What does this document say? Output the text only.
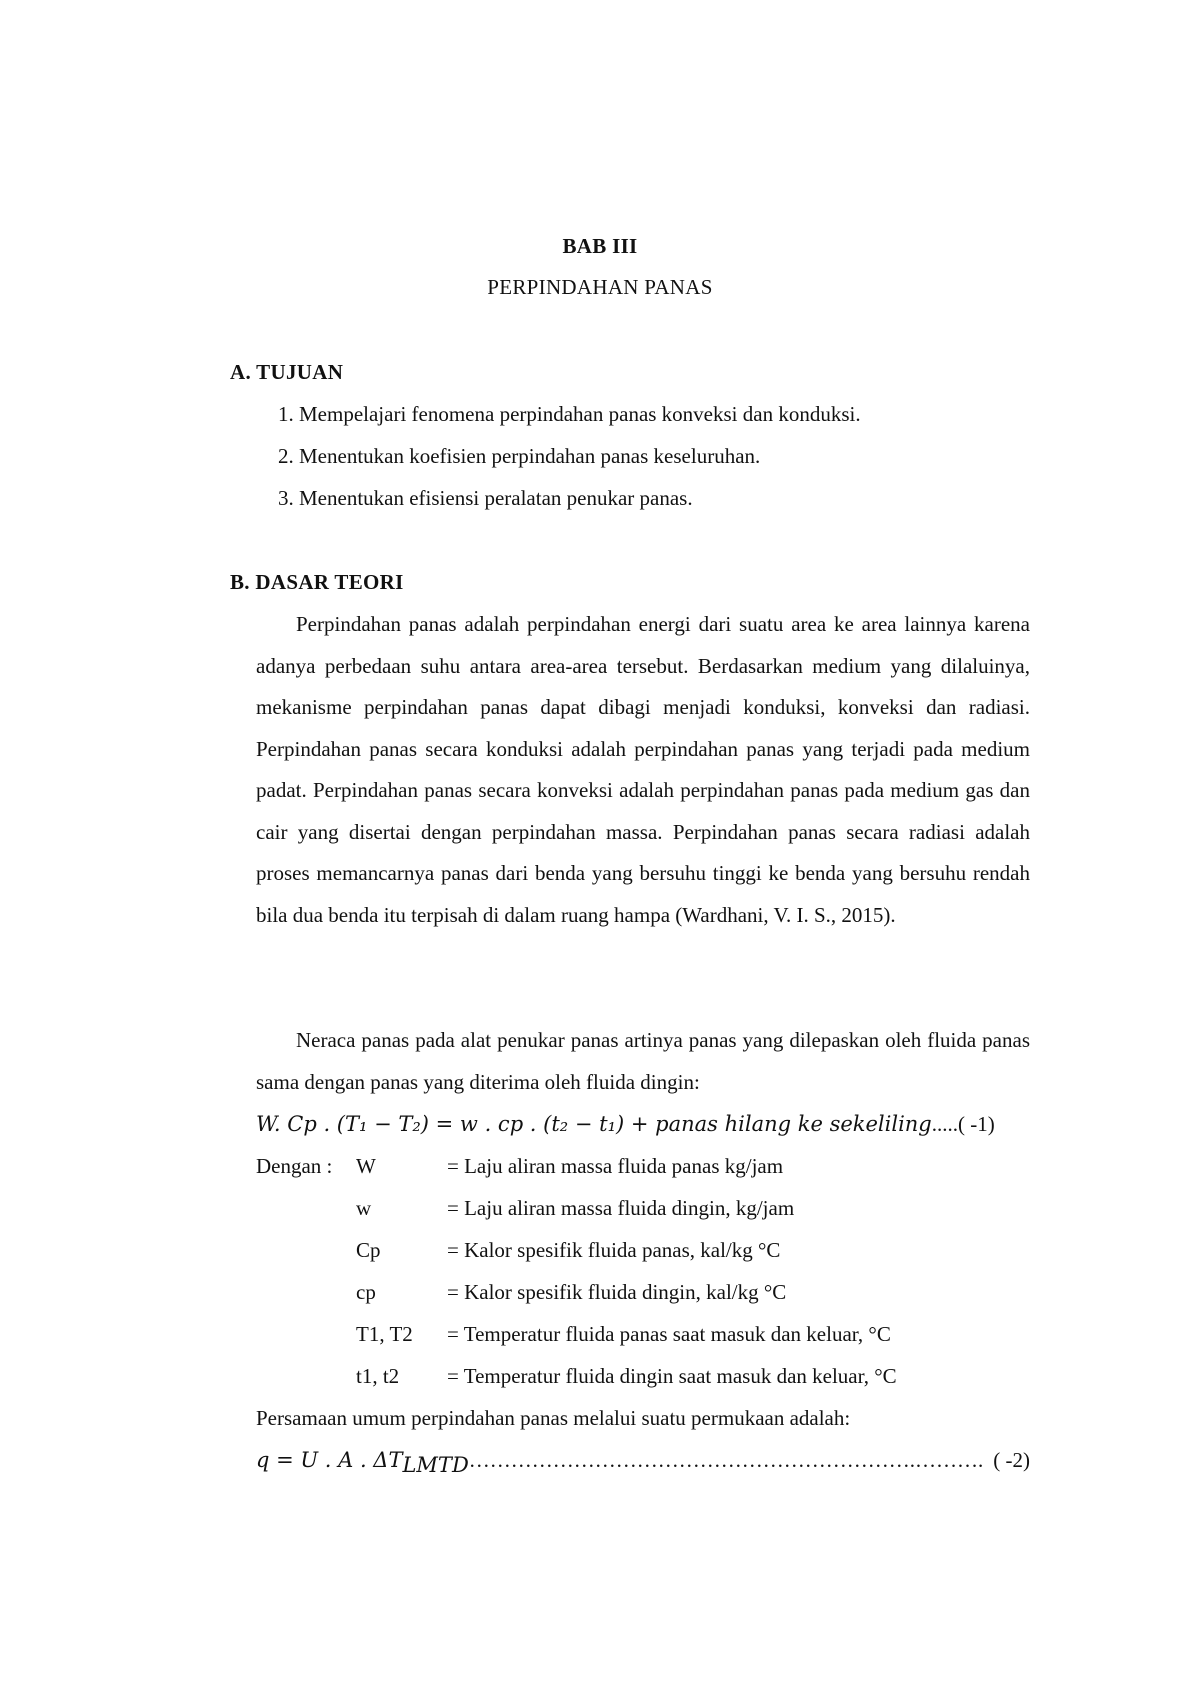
BAB III
PERPINDAHAN PANAS
A. TUJUAN
1. Mempelajari fenomena perpindahan panas konveksi dan konduksi.
2. Menentukan koefisien perpindahan panas keseluruhan.
3. Menentukan efisiensi peralatan penukar panas.
B. DASAR TEORI
Perpindahan panas adalah perpindahan energi dari suatu area ke area lainnya karena adanya perbedaan suhu antara area-area tersebut. Berdasarkan medium yang dilaluinya, mekanisme perpindahan panas dapat dibagi menjadi konduksi, konveksi dan radiasi. Perpindahan panas secara konduksi adalah perpindahan panas yang terjadi pada medium padat. Perpindahan panas secara konveksi adalah perpindahan panas pada medium gas dan cair yang disertai dengan perpindahan massa. Perpindahan panas secara radiasi adalah proses memancarnya panas dari benda yang bersuhu tinggi ke benda yang bersuhu rendah bila dua benda itu terpisah di dalam ruang hampa (Wardhani, V. I. S., 2015).
Neraca panas pada alat penukar panas artinya panas yang dilepaskan oleh fluida panas sama dengan panas yang diterima oleh fluida dingin:
W. Cp . (T₁ − T₂) = w . cp . (t₂ − t₁) + panas hilang ke sekeliling.....( -1)
Dengan : W	= Laju aliran massa fluida panas kg/jam
w	= Laju aliran massa fluida dingin, kg/jam
Cp	= Kalor spesifik fluida panas, kal/kg °C
cp	= Kalor spesifik fluida dingin, kal/kg °C
T1, T2 = Temperatur fluida panas saat masuk dan keluar, °C
t1, t2 = Temperatur fluida dingin saat masuk dan keluar, °C
Persamaan umum perpindahan panas melalui suatu permukaan adalah:
q = U . A . $\Delta T_{LMTD}\dots\dots\dots\dots\dots\dots\dots\dots\dots\dots\dots\dots\dots\dots\dots\dots\dots\dots\dots\dots\dots.\dots\dots\dots$. ( -2)
